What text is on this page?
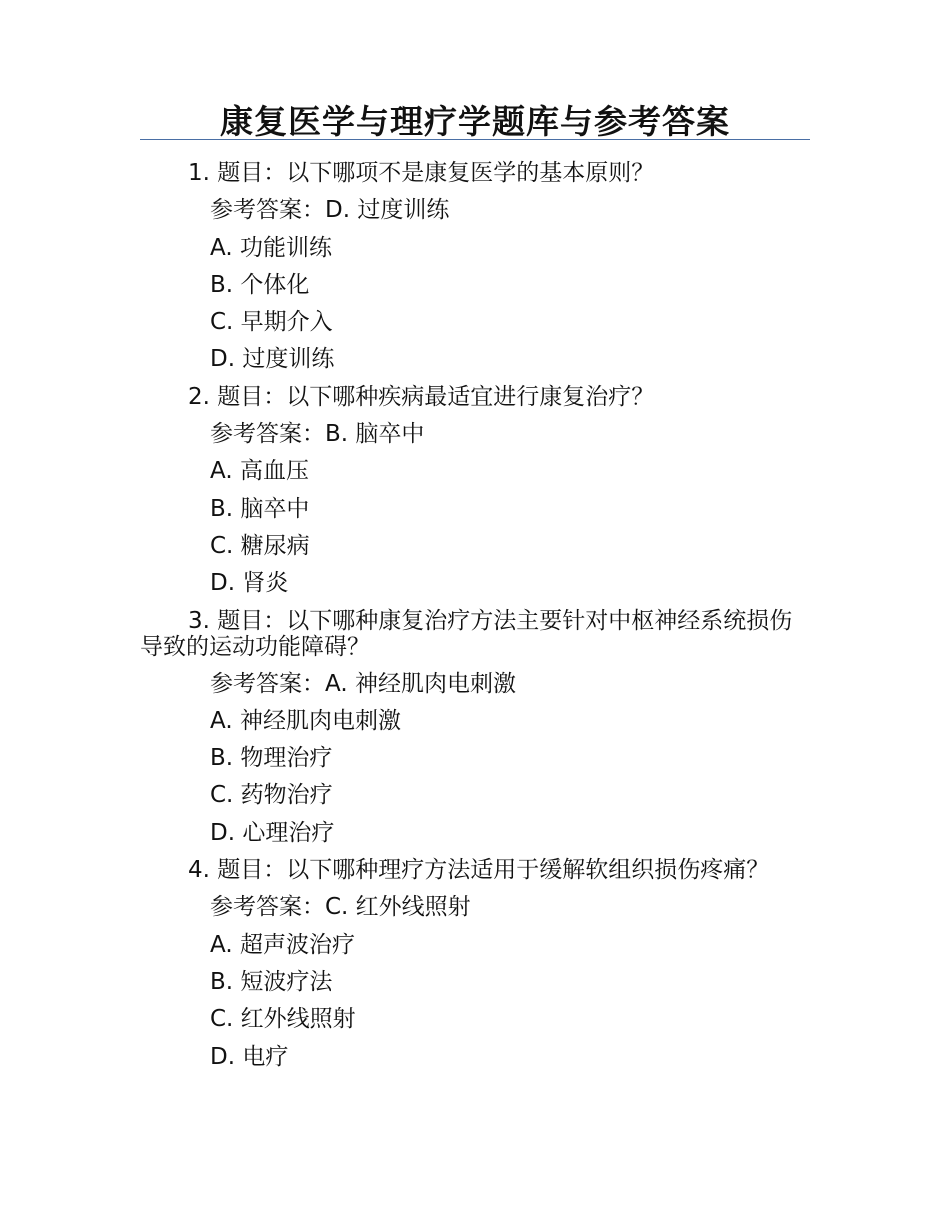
康复医学与理疗学题库与参考答案
1. 题目：以下哪项不是康复医学的基本原则？
参考答案：D. 过度训练
A. 功能训练
B. 个体化
C. 早期介入
D. 过度训练
2. 题目：以下哪种疾病最适宜进行康复治疗？
参考答案：B. 脑卒中
A. 高血压
B. 脑卒中
C. 糖尿病
D. 肾炎
3. 题目：以下哪种康复治疗方法主要针对中枢神经系统损伤导致的运动功能障碍？
参考答案：A. 神经肌肉电刺激
A. 神经肌肉电刺激
B. 物理治疗
C. 药物治疗
D. 心理治疗
4. 题目：以下哪种理疗方法适用于缓解软组织损伤疼痛？
参考答案：C. 红外线照射
A. 超声波治疗
B. 短波疗法
C. 红外线照射
D. 电疗
